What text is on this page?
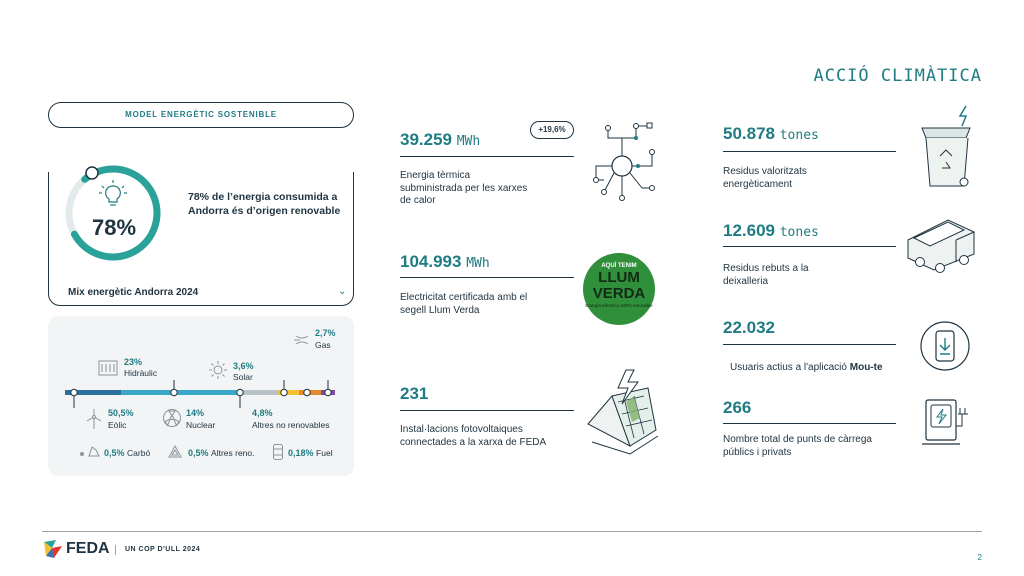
ACCIÓ CLIMÀTICA
MODEL ENERGÈTIC SOSTENIBLE
78%
78% de l’energia consumida a Andorra és d’origen renovable
Mix energètic Andorra 2024	⌄
2,7%
Gas
23%
Hidràulic
3,6%
Solar
50,5%
Eòlic
14%
Nuclear
4,8%
Altres no renovables
0,5% Carbó	0,5% Altres reno.	0,18% Fuel
39.259 MWh
+19,6%
Energia tèrmica subministrada per les xarxes de calor
104.993 MWh
Electricitat certificada amb el segell Llum Verda
AQUÍ TENIM
LLUM
VERDA
Energia elèctrica 100% renovable
231
Instal·lacions fotovoltaiques connectades a la xarxa de FEDA
50.878 tones
Residus valoritzats energèticament
12.609 tones
Residus rebuts a la deixalleria
22.032
Usuaris actius a l'aplicació Mou-te
266
Nombre total de punts de càrrega públics i privats
FEDA UN COP D'ULL 2024
2
